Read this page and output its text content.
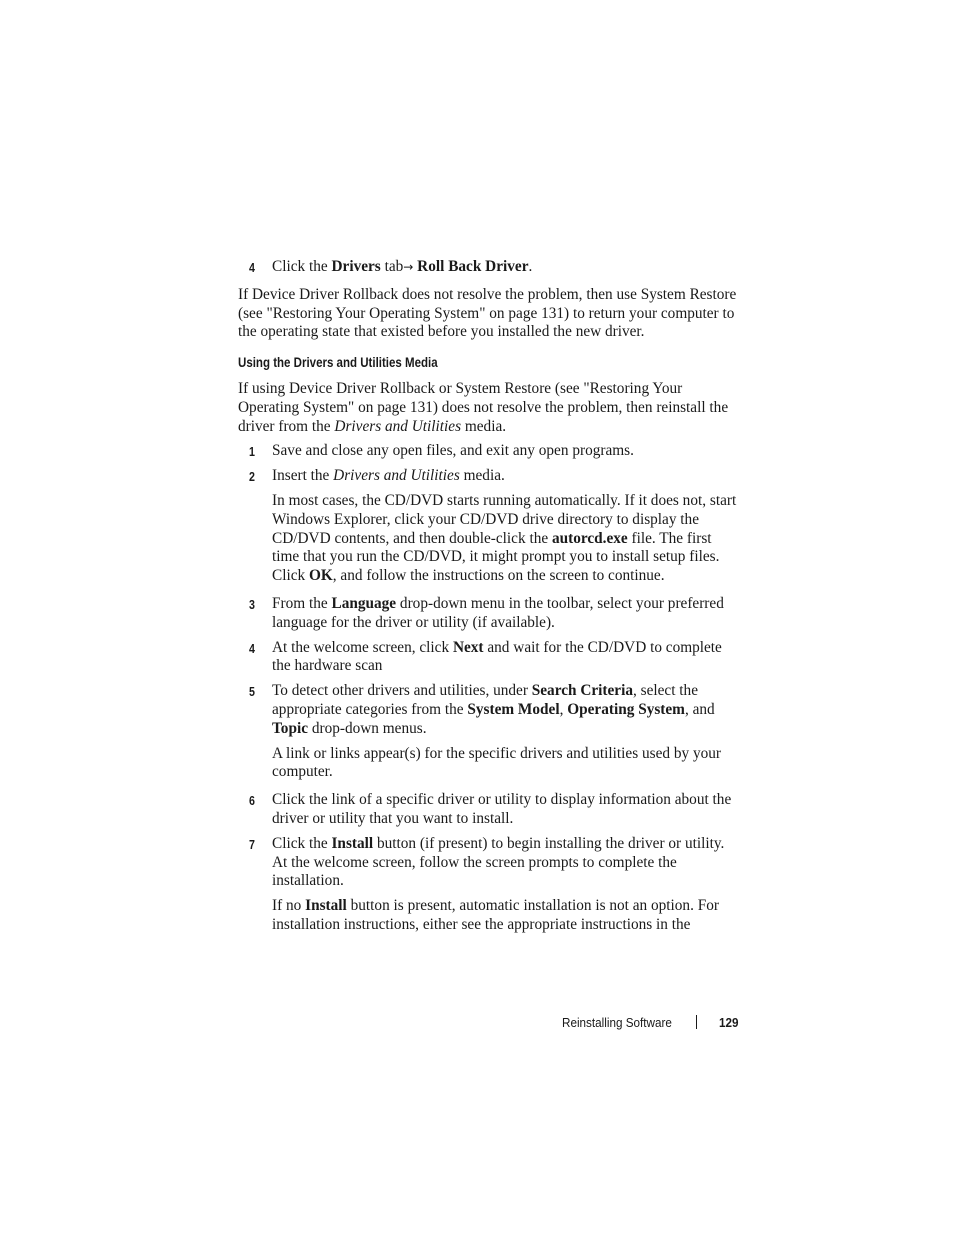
4 Click the Drivers tab→ Roll Back Driver.

If Device Driver Rollback does not resolve the problem, then use System Restore (see "Restoring Your Operating System" on page 131) to return your computer to the operating state that existed before you installed the new driver.

Using the Drivers and Utilities Media

If using Device Driver Rollback or System Restore (see "Restoring Your Operating System" on page 131) does not resolve the problem, then reinstall the driver from the Drivers and Utilities media.

1 Save and close any open files, and exit any open programs.

2 Insert the Drivers and Utilities media.

In most cases, the CD/DVD starts running automatically. If it does not, start Windows Explorer, click your CD/DVD drive directory to display the CD/DVD contents, and then double-click the autorcd.exe file. The first time that you run the CD/DVD, it might prompt you to install setup files. Click OK, and follow the instructions on the screen to continue.

3 From the Language drop-down menu in the toolbar, select your preferred language for the driver or utility (if available).

4 At the welcome screen, click Next and wait for the CD/DVD to complete the hardware scan

5 To detect other drivers and utilities, under Search Criteria, select the appropriate categories from the System Model, Operating System, and Topic drop-down menus.

A link or links appear(s) for the specific drivers and utilities used by your computer.

6 Click the link of a specific driver or utility to display information about the driver or utility that you want to install.

7 Click the Install button (if present) to begin installing the driver or utility. At the welcome screen, follow the screen prompts to complete the installation.

If no Install button is present, automatic installation is not an option. For installation instructions, either see the appropriate instructions in the

Reinstalling Software	129
